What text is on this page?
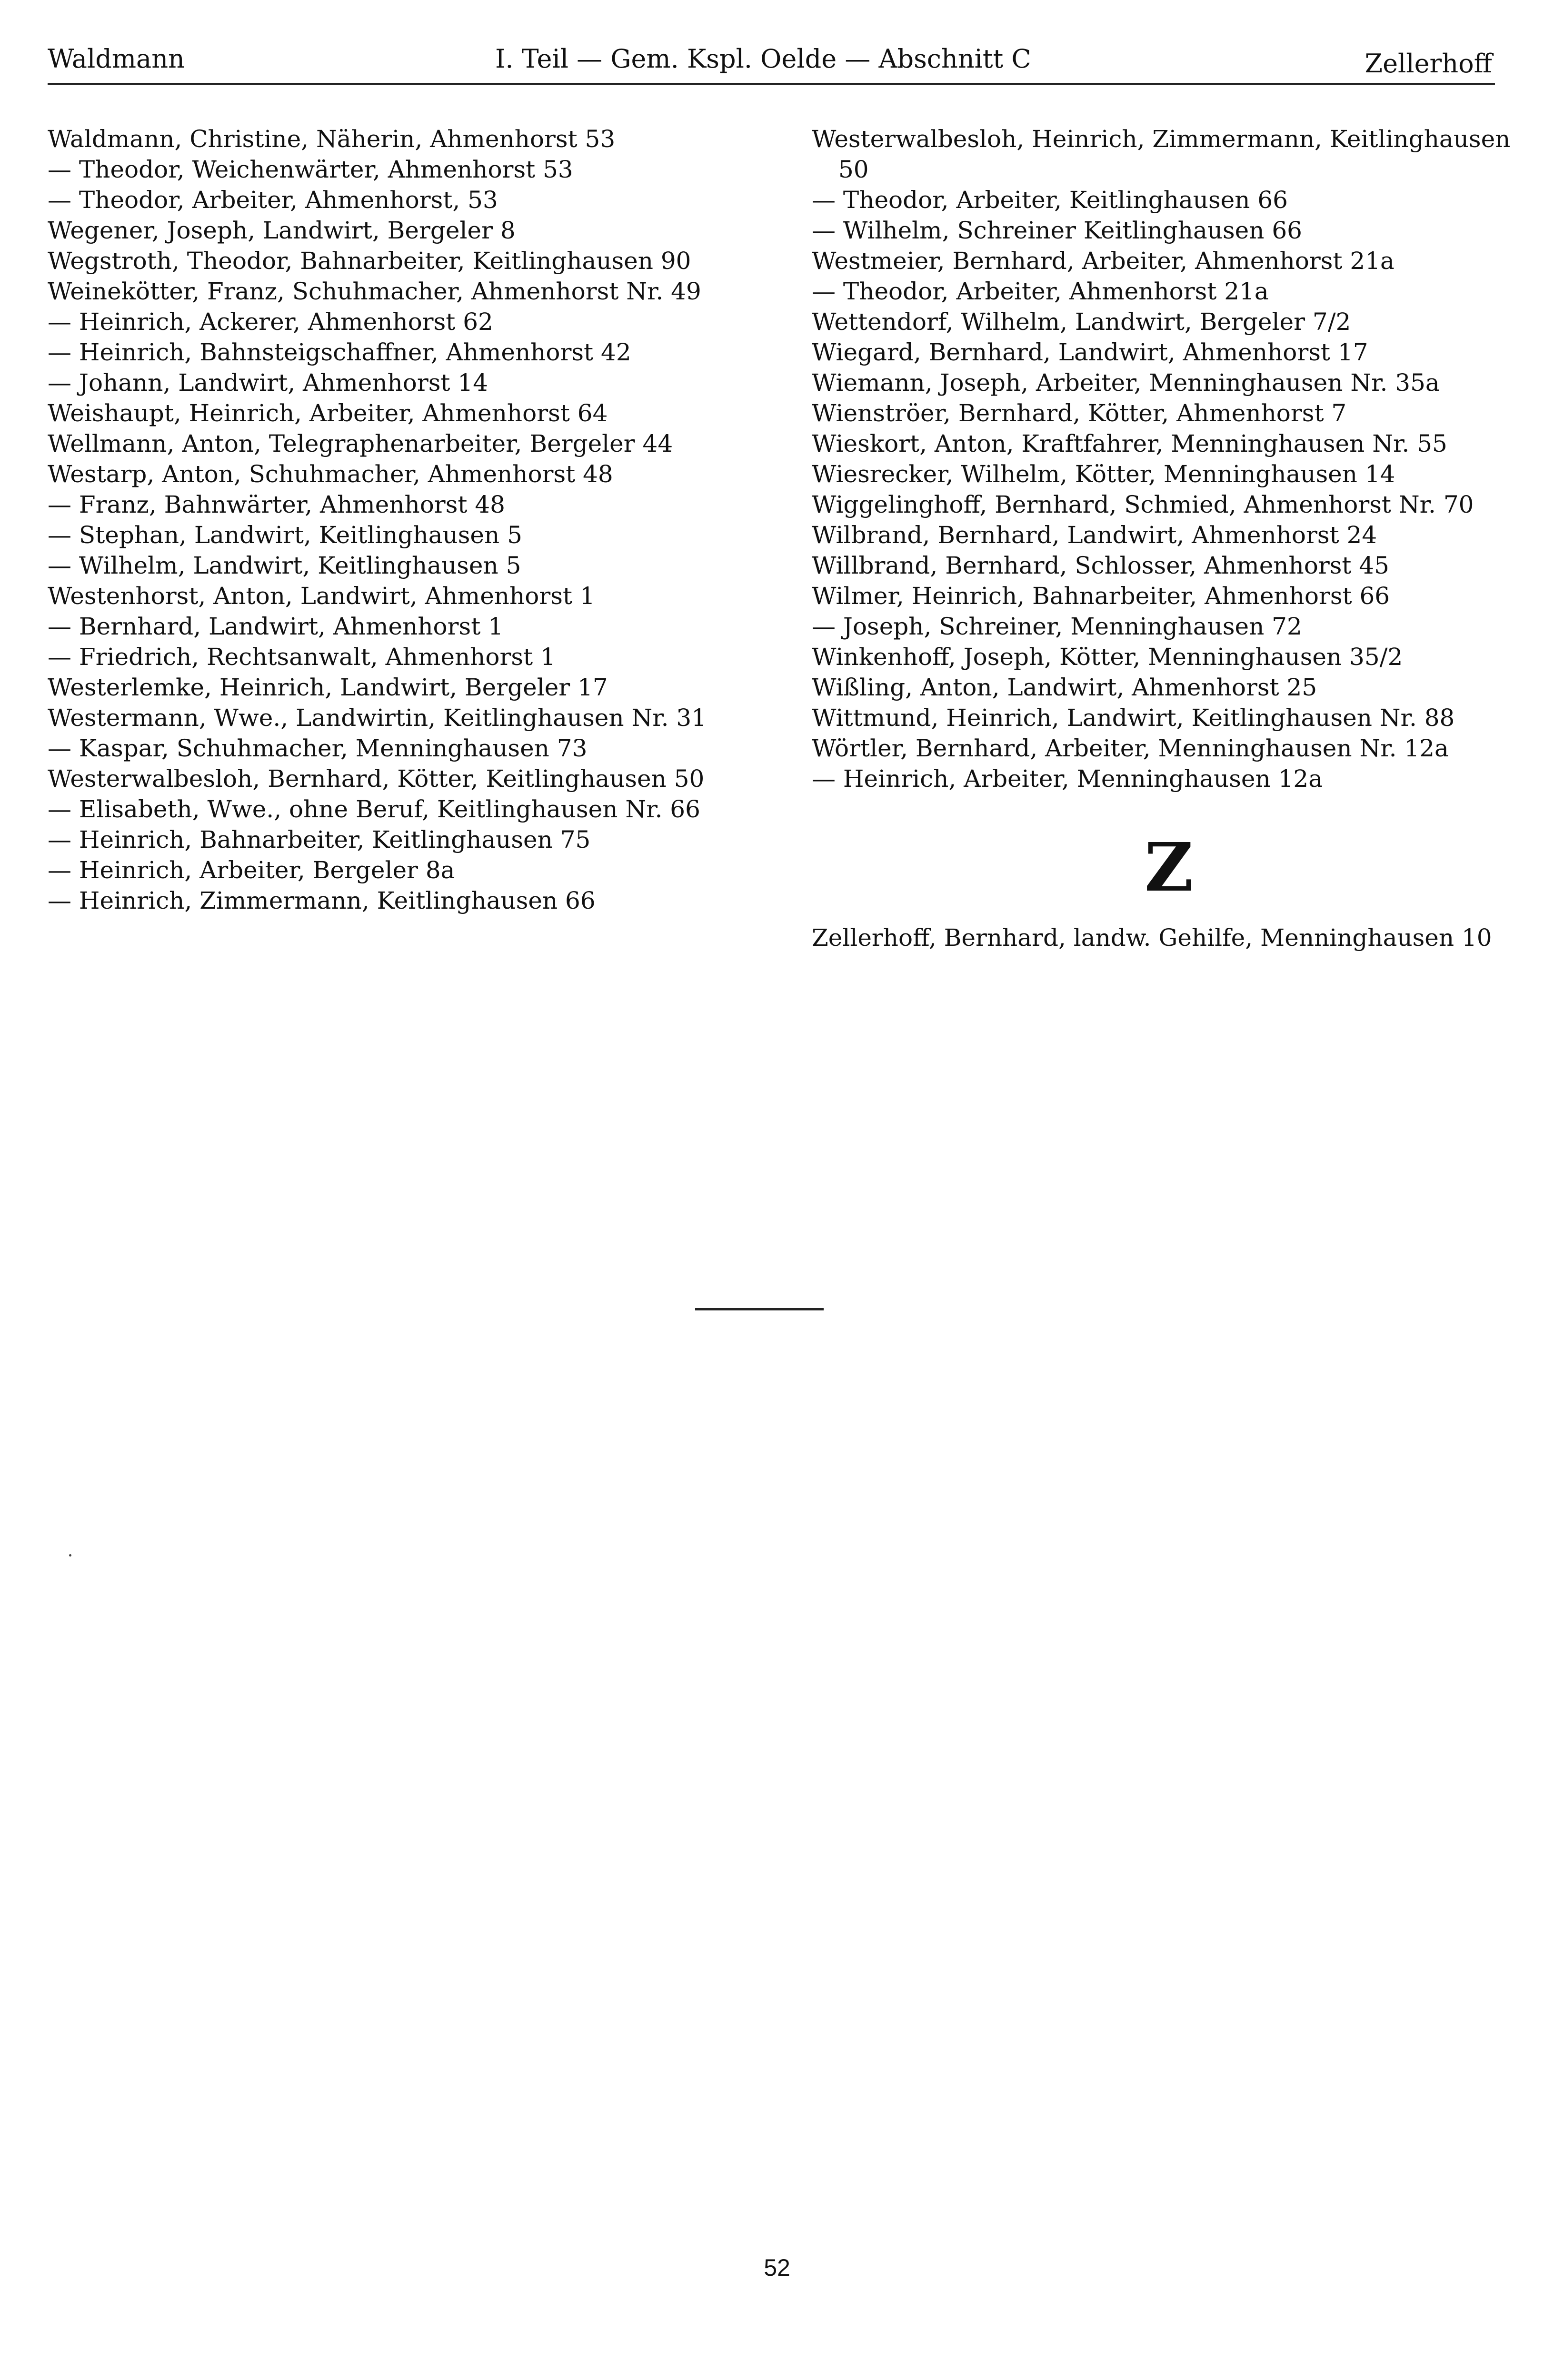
Waldmann	I. Teil — Gem. Kspl. Oelde — Abschnitt C	Zellerhoff

Waldmann, Christine, Näherin, Ahmenhorst 53

— Theodor, Weichenwärter, Ahmenhorst 53

— Theodor, Arbeiter, Ahmenhorst, 53

Wegener, Joseph, Landwirt, Bergeler 8

Wegstroth, Theodor, Bahnarbeiter, Keitlinghausen 90

Weinekötter, Franz, Schuhmacher, Ahmenhorst Nr. 49

— Heinrich, Ackerer, Ahmenhorst 62

— Heinrich, Bahnsteigschaffner, Ahmenhorst 42

— Johann, Landwirt, Ahmenhorst 14

Weishaupt, Heinrich, Arbeiter, Ahmenhorst 64

Wellmann, Anton, Telegraphenarbeiter, Bergeler 44

Westarp, Anton, Schuhmacher, Ahmenhorst 48

— Franz, Bahnwärter, Ahmenhorst 48

— Stephan, Landwirt, Keitlinghausen 5

— Wilhelm, Landwirt, Keitlinghausen 5

Westenhorst, Anton, Landwirt, Ahmenhorst 1

— Bernhard, Landwirt, Ahmenhorst 1

— Friedrich, Rechtsanwalt, Ahmenhorst 1

Westerlemke, Heinrich, Landwirt, Bergeler 17

Westermann, Wwe., Landwirtin, Keitlinghausen Nr. 31

— Kaspar, Schuhmacher, Menninghausen 73

Westerwalbesloh, Bernhard, Kötter, Keitlinghausen 50

— Elisabeth, Wwe., ohne Beruf, Keitlinghausen Nr. 66

— Heinrich, Bahnarbeiter, Keitlinghausen 75

— Heinrich, Arbeiter, Bergeler 8a

— Heinrich, Zimmermann, Keitlinghausen 66

Westerwalbesloh, Heinrich, Zimmermann, Keitlinghausen 50

— Theodor, Arbeiter, Keitlinghausen 66

— Wilhelm, Schreiner Keitlinghausen 66

Westmeier, Bernhard, Arbeiter, Ahmenhorst 21a

— Theodor, Arbeiter, Ahmenhorst 21a

Wettendorf, Wilhelm, Landwirt, Bergeler 7/2

Wiegard, Bernhard, Landwirt, Ahmenhorst 17

Wiemann, Joseph, Arbeiter, Menninghausen Nr. 35a

Wienströer, Bernhard, Kötter, Ahmenhorst 7

Wieskort, Anton, Kraftfahrer, Menninghausen Nr. 55

Wiesrecker, Wilhelm, Kötter, Menninghausen 14

Wiggelinghoff, Bernhard, Schmied, Ahmenhorst Nr. 70

Wilbrand, Bernhard, Landwirt, Ahmenhorst 24

Willbrand, Bernhard, Schlosser, Ahmenhorst 45

Wilmer, Heinrich, Bahnarbeiter, Ahmenhorst 66

— Joseph, Schreiner, Menninghausen 72

Winkenhoff, Joseph, Kötter, Menninghausen 35/2

Wißling, Anton, Landwirt, Ahmenhorst 25

Wittmund, Heinrich, Landwirt, Keitlinghausen Nr. 88

Wörtler, Bernhard, Arbeiter, Menninghausen Nr. 12a

— Heinrich, Arbeiter, Menninghausen 12a

Z

Zellerhoff, Bernhard, landw. Gehilfe, Menninghausen 10

52
